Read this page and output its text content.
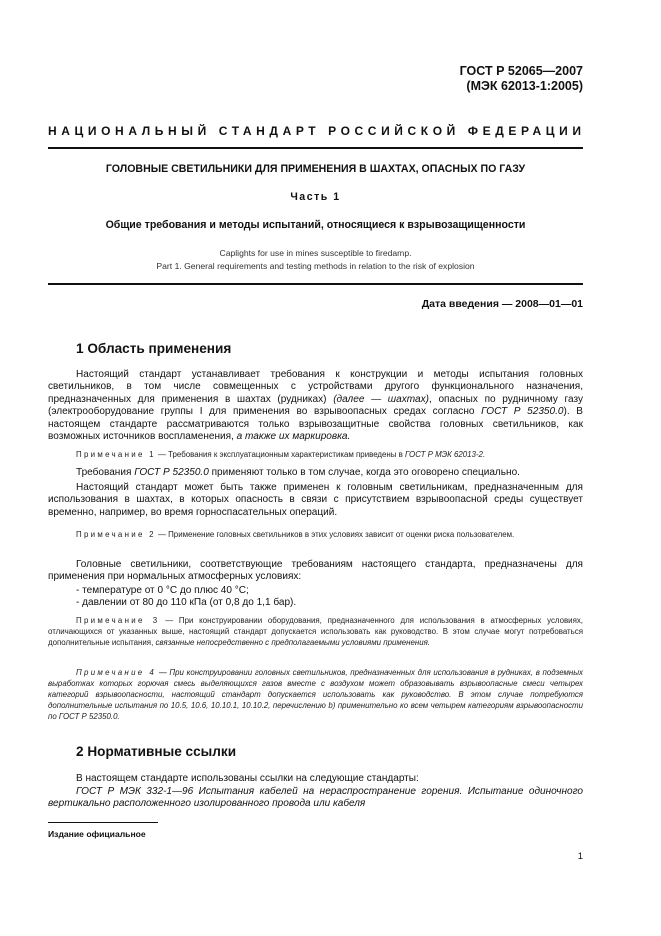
ГОСТ Р 52065—2007
(МЭК 62013-1:2005)
НАЦИОНАЛЬНЫЙ СТАНДАРТ РОССИЙСКОЙ ФЕДЕРАЦИИ
ГОЛОВНЫЕ СВЕТИЛЬНИКИ ДЛЯ ПРИМЕНЕНИЯ В ШАХТАХ, ОПАСНЫХ ПО ГАЗУ
Часть 1
Общие требования и методы испытаний, относящиеся к взрывозащищенности
Caplights for use in mines susceptible to firedamp.
Part 1. General requirements and testing methods in relation to the risk of explosion
Дата введения — 2008—01—01
1 Область применения
Настоящий стандарт устанавливает требования к конструкции и методы испытания головных светильников, в том числе совмещенных с устройствами другого функционального назначения, предназначенных для применения в шахтах (рудниках) (далее — шахтах), опасных по рудничному газу (электрооборудование группы I для применения во взрывоопасных средах согласно ГОСТ Р 52350.0). В настоящем стандарте рассматриваются только взрывозащитные свойства головных светильников, как возможных источников воспламенения, а также их маркировка.
Примечание 1 — Требования к эксплуатационным характеристикам приведены в ГОСТ Р МЭК 62013-2.
Требования ГОСТ Р 52350.0 применяют только в том случае, когда это оговорено специально.
Настоящий стандарт может быть также применен к головным светильникам, предназначенным для использования в шахтах, в которых опасность в связи с присутствием взрывоопасной среды существует временно, например, во время горноспасательных операций.
Примечание 2 — Применение головных светильников в этих условиях зависит от оценки риска пользователем.
Головные светильники, соответствующие требованиям настоящего стандарта, предназначены для применения при нормальных атмосферных условиях:
- температуре от 0 °С до плюс 40 °С;
- давлении от 80 до 110 кПа (от 0,8 до 1,1 бар).
Примечание 3 — При конструировании оборудования, предназначенного для использования в атмосферных условиях, отличающихся от указанных выше, настоящий стандарт допускается использовать как руководство. В этом случае могут потребоваться дополнительные испытания, связанные непосредственно с предполагаемыми условиями применения.
Примечание 4 — При конструировании головных светильников, предназначенных для использования в рудниках, в подземных выработках которых горючая смесь выделяющихся газов вместе с воздухом может образовывать взрывоопасные смеси четырех категорий взрывоопасности, настоящий стандарт допускается использовать как руководство. В этом случае потребуются дополнительные испытания по 10.5, 10.6, 10.10.1, 10.10.2, перечислению b) применительно ко всем четырем категориям взрывоопасности по ГОСТ Р 52350.0.
2 Нормативные ссылки
В настоящем стандарте использованы ссылки на следующие стандарты:
ГОСТ Р МЭК 332-1—96 Испытания кабелей на нераспространение горения. Испытание одиночного вертикально расположенного изолированного провода или кабеля
Издание официальное
1
